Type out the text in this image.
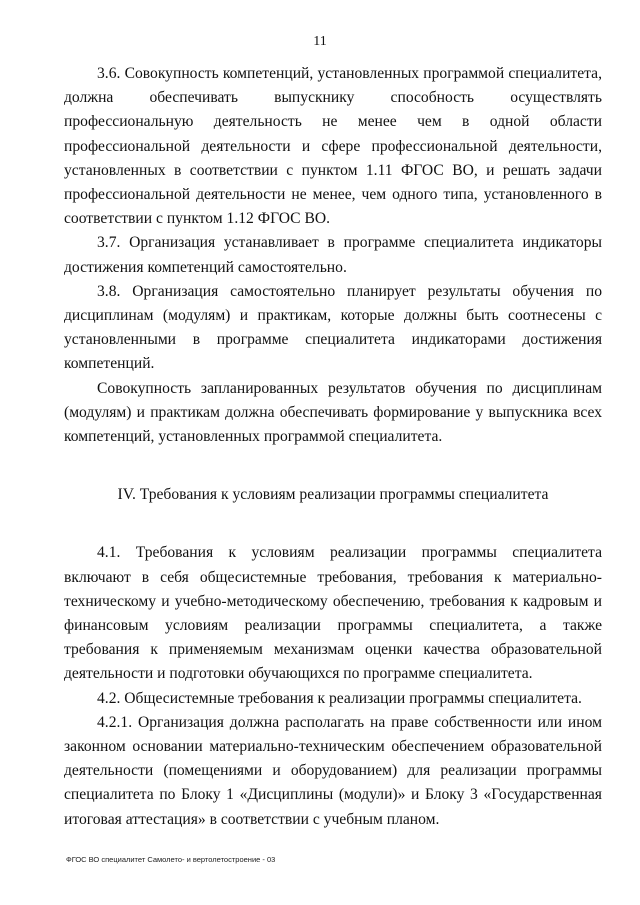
11

3.6. Совокупность компетенций, установленных программой специалитета, должна обеспечивать выпускнику способность осуществлять профессиональную деятельность не менее чем в одной области профессиональной деятельности и сфере профессиональной деятельности, установленных в соответствии с пунктом 1.11 ФГОС ВО, и решать задачи профессиональной деятельности не менее, чем одного типа, установленного в соответствии с пунктом 1.12 ФГОС ВО.

3.7. Организация устанавливает в программе специалитета индикаторы достижения компетенций самостоятельно.

3.8. Организация самостоятельно планирует результаты обучения по дисциплинам (модулям) и практикам, которые должны быть соотнесены с установленными в программе специалитета индикаторами достижения компетенций.

Совокупность запланированных результатов обучения по дисциплинам (модулям) и практикам должна обеспечивать формирование у выпускника всех компетенций, установленных программой специалитета.

IV. Требования к условиям реализации программы специалитета

4.1. Требования к условиям реализации программы специалитета включают в себя общесистемные требования, требования к материально-техническому и учебно-методическому обеспечению, требования к кадровым и финансовым условиям реализации программы специалитета, а также требования к применяемым механизмам оценки качества образовательной деятельности и подготовки обучающихся по программе специалитета.

4.2. Общесистемные требования к реализации программы специалитета.

4.2.1. Организация должна располагать на праве собственности или ином законном основании материально-техническим обеспечением образовательной деятельности (помещениями и оборудованием) для реализации программы специалитета по Блоку 1 «Дисциплины (модули)» и Блоку 3 «Государственная итоговая аттестация» в соответствии с учебным планом.

ФГОС ВО специалитет Самолето- и вертолетостроение - 03
